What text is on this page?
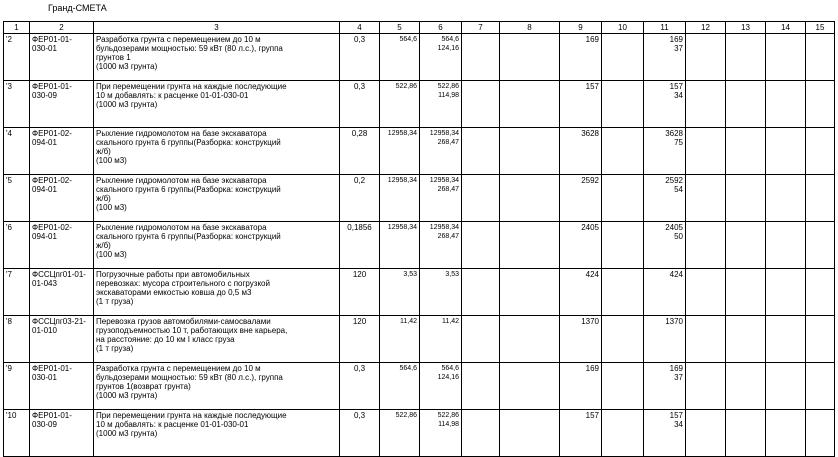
Гранд-СМЕТА
1	2	3	4	5	6	7	8	9	10	11	12	13	14	15

'2	ФЕР01-01-
030-01	Разработка грунта с перемещением до 10 м
бульдозерами мощностью: 59 кВт (80 л.с.), группа
грунтов 1
(1000 м3 грунта)	0,3	564,6	564,6
124,16			169		169
37				

'3	ФЕР01-01-
030-09	При перемещении грунта на каждые последующие
10 м добавлять: к расценке 01-01-030-01
(1000 м3 грунта)	0,3	522,86	522,86
114,98			157		157
34				

'4	ФЕР01-02-
094-01	Рыхление гидромолотом на базе экскаватора
скального грунта 6 группы(Разборка: конструкций
ж/б)
(100 м3)	0,28	12958,34	12958,34
268,47			3628		3628
75				

'5	ФЕР01-02-
094-01	Рыхление гидромолотом на базе экскаватора
скального грунта 6 группы(Разборка: конструкций
ж/б)
(100 м3)	0,2	12958,34	12958,34
268,47			2592		2592
54				

'6	ФЕР01-02-
094-01	Рыхление гидромолотом на базе экскаватора
скального грунта 6 группы(Разборка: конструкций
ж/б)
(100 м3)	0,1856	12958,34	12958,34
268,47			2405		2405
50				

'7	ФССЦпг01-01-
01-043	Погрузочные работы при автомобильных
перевозках: мусора строительного с погрузкой
экскаваторами емкостью ковша до 0,5 м3
(1 т груза)	120	3,53	3,53			424		424				

'8	ФССЦпг03-21-
01-010	Перевозка грузов автомобилями-самосвалами
грузоподъемностью 10 т, работающих вне карьера,
на расстояние: до 10 км I класс груза
(1 т груза)	120	11,42	11,42			1370		1370				

'9	ФЕР01-01-
030-01	Разработка грунта с перемещением до 10 м
бульдозерами мощностью: 59 кВт (80 л.с.), группа
грунтов 1(возврат грунта)
(1000 м3 грунта)	0,3	564,6	564,6
124,16			169		169
37				

'10	ФЕР01-01-
030-09	При перемещении грунта на каждые последующие
10 м добавлять: к расценке 01-01-030-01
(1000 м3 грунта)	0,3	522,86	522,86
114,98			157		157
34				
